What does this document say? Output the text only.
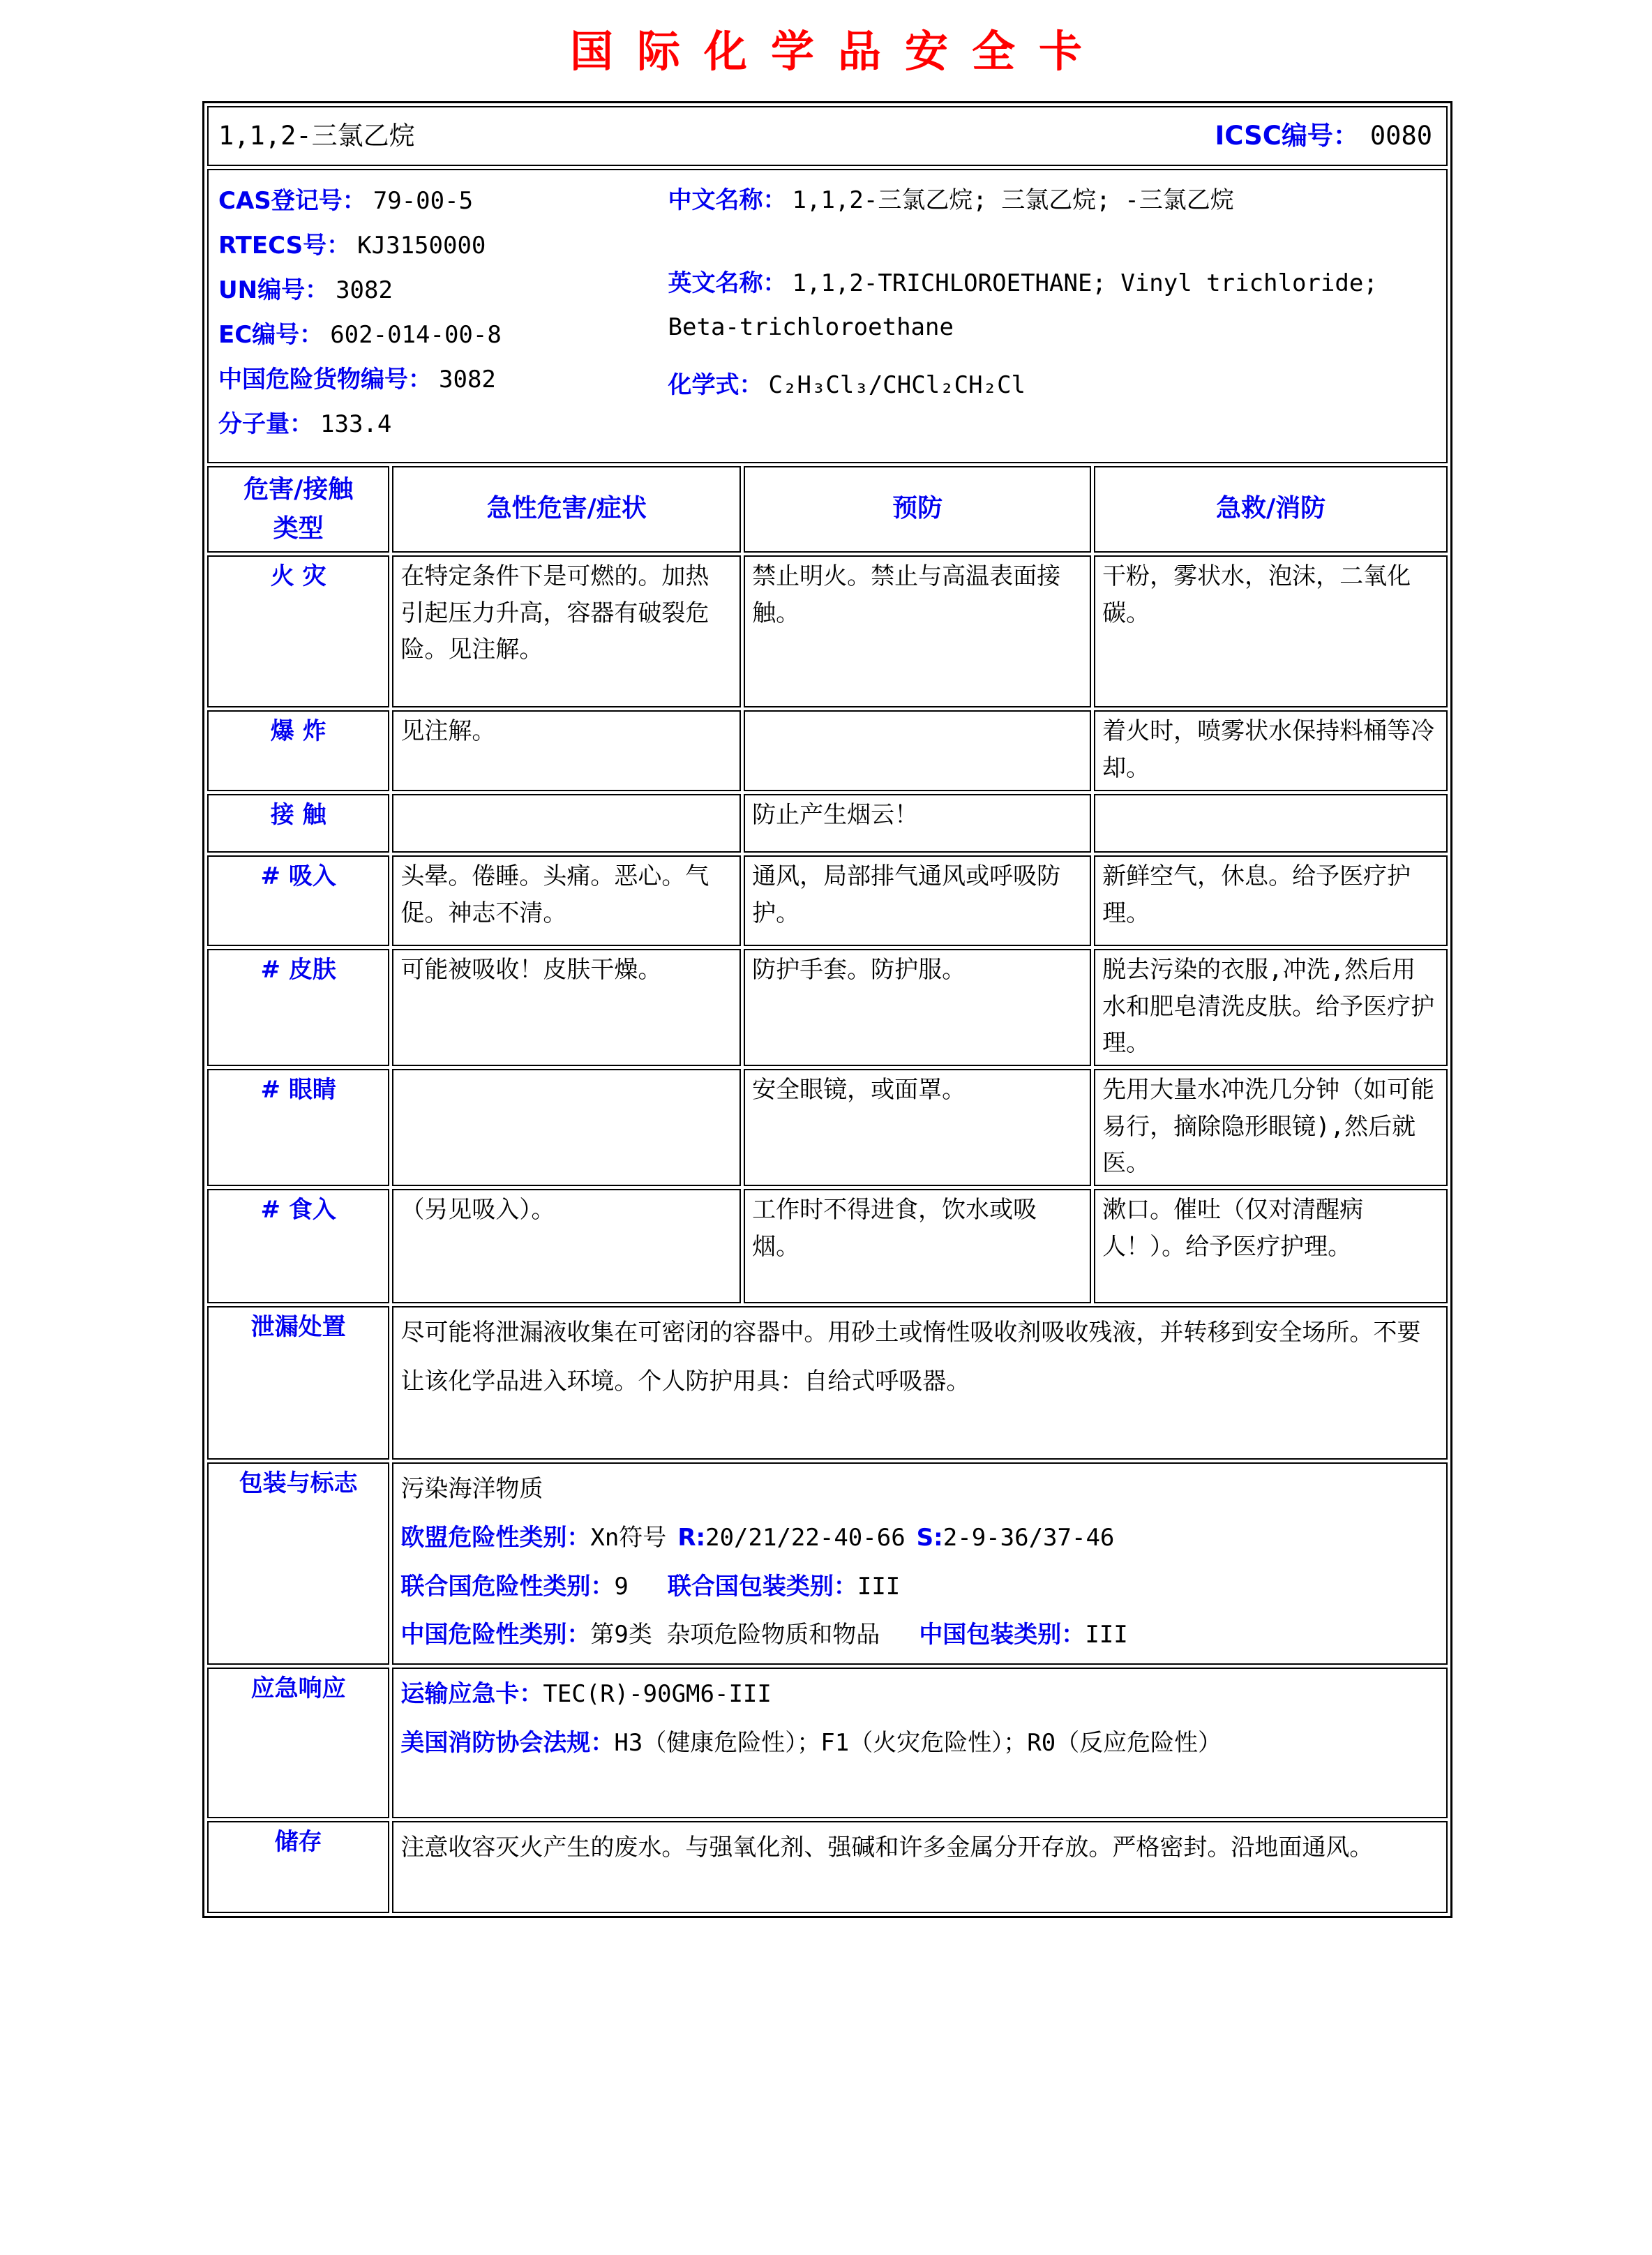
国际化学品安全卡
1,1,2-三氯乙烷 ICSC编号： 0080			

CAS登记号： 79-00-5
RTECS号： KJ3150000
UN编号： 3082
EC编号： 602-014-00-8
中国危险货物编号： 3082
分子量： 133.4

中文名称： 1,1,2-三氯乙烷; 三氯乙烷; -三氯乙烷

英文名称： 1,1,2-TRICHLOROETHANE; Vinyl trichloride; Beta-trichloroethane

化学式： C₂H₃Cl₃/CHCl₂CH₂Cl

危害/接触类型	急性危害/症状	预防	急救/消防
火 灾	在特定条件下是可燃的。加热引起压力升高，容器有破裂危险。见注解。	禁止明火。禁止与高温表面接触。	干粉，雾状水，泡沫，二氧化碳。
爆 炸	见注解。		着火时，喷雾状水保持料桶等冷却。
接 触		防止产生烟云！	
# 吸入	头晕。倦睡。头痛。恶心。气促。神志不清。	通风，局部排气通风或呼吸防护。	新鲜空气，休息。给予医疗护理。
# 皮肤	可能被吸收！皮肤干燥。	防护手套。防护服。	脱去污染的衣服,冲洗,然后用水和肥皂清洗皮肤。给予医疗护理。
# 眼睛		安全眼镜，或面罩。	先用大量水冲洗几分钟（如可能易行，摘除隐形眼镜),然后就医。
# 食入	（另见吸入）。	工作时不得进食，饮水或吸烟。	漱口。催吐（仅对清醒病人！）。给予医疗护理。
泄漏处置	尽可能将泄漏液收集在可密闭的容器中。用砂土或惰性吸收剂吸收残液，并转移到安全场所。不要让该化学品进入环境。个人防护用具：自给式呼吸器。		

包装与标志	污染海洋物质
欧盟危险性类别：Xn符号 R:20/21/22-40-66 S:2-9-36/37-46
联合国危险性类别：9 联合国包装类别：III
中国危险性类别：第9类 杂项危险物质和物品 中国包装类别：III		

应急响应	运输应急卡：TEC(R)-90GM6-III
美国消防协会法规：H3（健康危险性）；F1（火灾危险性）；R0（反应危险性）		

储存	注意收容灭火产生的废水。与强氧化剂、强碱和许多金属分开存放。严格密封。沿地面通风。		
